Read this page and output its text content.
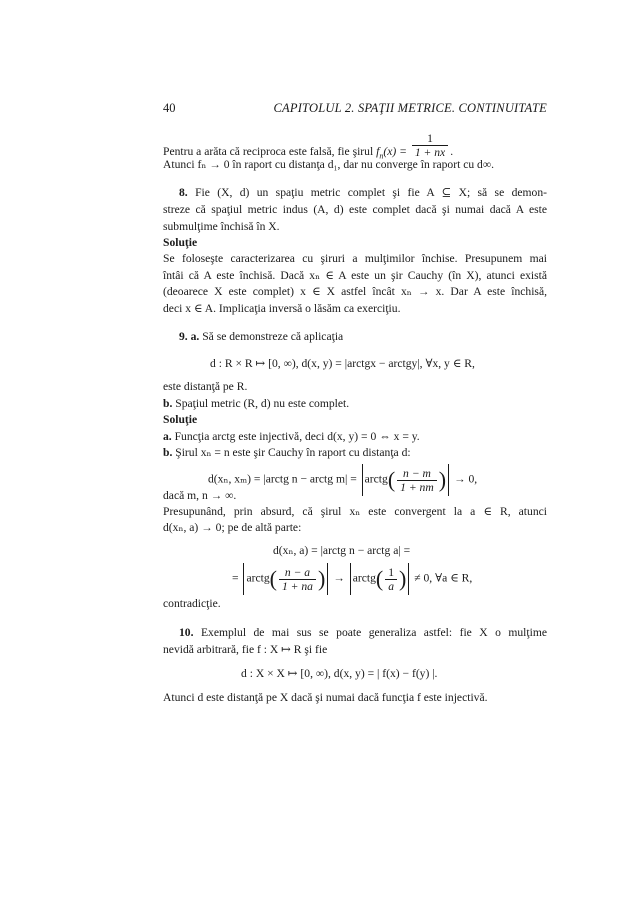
40	CAPITOLUL 2. SPAŢII METRICE. CONTINUITATE
Pentru a arăta că reciproca este falsă, fie şirul $f_n(x) = \frac{1}{1 + nx}$ .
Atunci fₙ → 0 în raport cu distanţa d₁, dar nu converge în raport cu d∞.
8. Fie (X, d) un spaţiu metric complet şi fie A ⊆ X; să se demon-
streze că spaţiul metric indus (A, d) este complet dacă şi numai dacă A este
submulţime închisă în X.
Soluţie
Se foloseşte caracterizarea cu şiruri a mulţimilor închise. Presupunem mai
întâi că A este închisă. Dacă xₙ ∈ A este un şir Cauchy (în X), atunci există
(deoarece X este complet) x ∈ X astfel încât xₙ → x. Dar A este închisă,
deci x ∈ A. Implicaţia inversă o lăsăm ca exerciţiu.
9. a. Să se demonstreze că aplicaţia
d : R × R ↦ [0, ∞), d(x, y) = |arctgx − arctgy|, ∀x, y ∈ R,
este distanţă pe R.
b. Spaţiul metric (R, d) nu este complet.
Soluţie
a. Funcţia arctg este injectivă, deci d(x, y) = 0 ⇔ x = y.
b. Şirul xₙ = n este şir Cauchy în raport cu distanţa d:
d(xₙ, xₘ) = |arctg n − arctg m| = arctg( $\frac{n - m}{1 + nm}$ ) → 0,
dacă m, n → ∞.
Presupunând, prin absurd, că şirul xₙ este convergent la a ∈ R, atunci
d(xₙ, a) → 0; pe de altă parte:
d(xₙ, a) = |arctg n − arctg a| =
= arctg( $\frac{n - a}{1 + na}$ ) → arctg( $\frac{1}{a}$ ) ≠ 0, ∀a ∈ R,
contradicţie.
10. Exemplul de mai sus se poate generaliza astfel: fie X o mulţime
nevidă arbitrară, fie f : X ↦ R şi fie
d : X × X ↦ [0, ∞), d(x, y) = | f(x) − f(y) |.
Atunci d este distanţă pe X dacă şi numai dacă funcţia f este injectivă.
